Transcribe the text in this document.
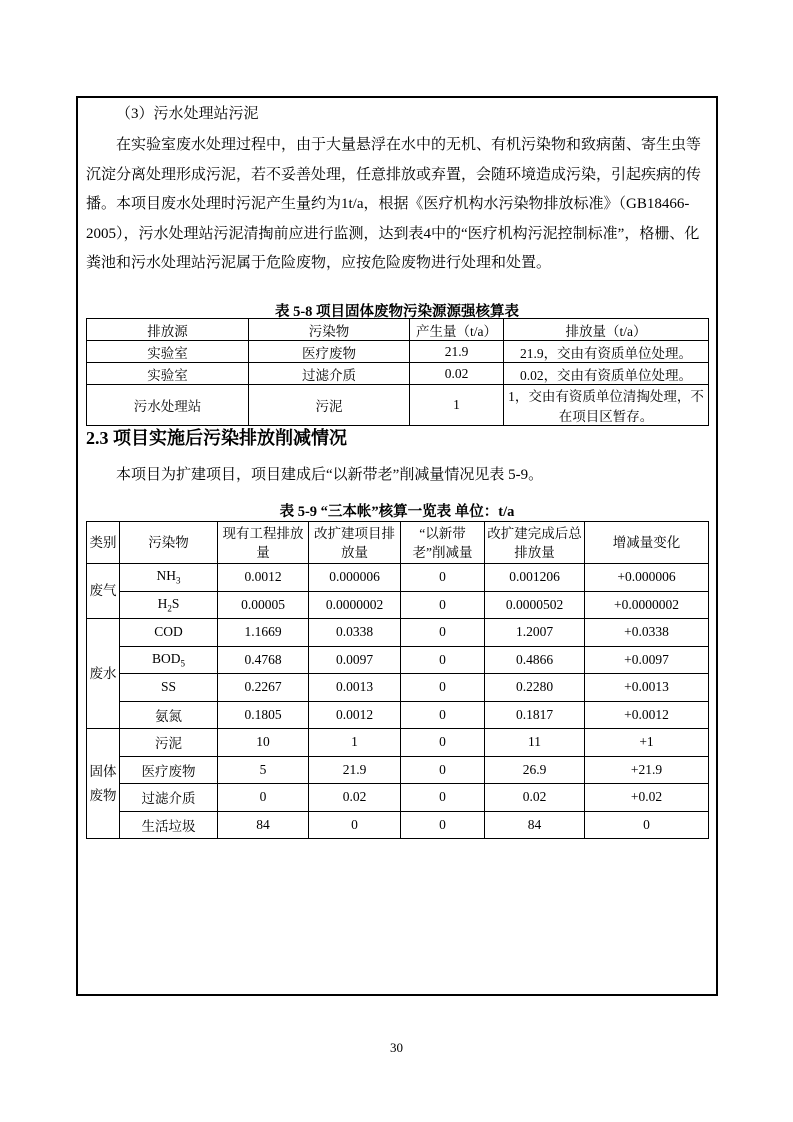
（3）污水处理站污泥

在实验室废水处理过程中，由于大量悬浮在水中的无机、有机污染物和致病菌、寄生虫等沉淀分离处理形成污泥，若不妥善处理，任意排放或弃置，会随环境造成污染，引起疾病的传播。本项目废水处理时污泥产生量约为1t/a，根据《医疗机构水污染物排放标准》（GB18466-2005），污水处理站污泥清掏前应进行监测，达到表4中的“医疗机构污泥控制标准”，格栅、化粪池和污水处理站污泥属于危险废物，应按危险废物进行处理和处置。

表 5-8 项目固体废物污染源源强核算表
排放源	污染物	产生量（t/a）	排放量（t/a）
实验室	医疗废物	21.9	21.9，交由有资质单位处理。
实验室	过滤介质	0.02	0.02，交由有资质单位处理。
污水处理站	污泥	1	1，交由有资质单位清掏处理，不在项目区暂存。
2.3 项目实施后污染排放削减情况

本项目为扩建项目，项目建成后“以新带老”削减量情况见表 5-9。

表 5-9 “三本帐”核算一览表 单位：t/a
类别	污染物	现有工程排放量	改扩建项目排放量	“以新带老”削减量	改扩建完成后总排放量	增减量变化
废气	$NH_3$	0.0012	0.000006	0	0.001206	+0.000006
	$H_2S$	0.00005	0.0000002	0	0.0000502	+0.0000002
废水	COD	1.1669	0.0338	0	1.2007	+0.0338
	$BOD_5$	0.4768	0.0097	0	0.4866	+0.0097
	SS	0.2267	0.0013	0	0.2280	+0.0013
	氨氮	0.1805	0.0012	0	0.1817	+0.0012
固体废物	污泥	10	1	0	11	+1
	医疗废物	5	21.9	0	26.9	+21.9
	过滤介质	0	0.02	0	0.02	+0.02
	生活垃圾	84	0	0	84	0
30
